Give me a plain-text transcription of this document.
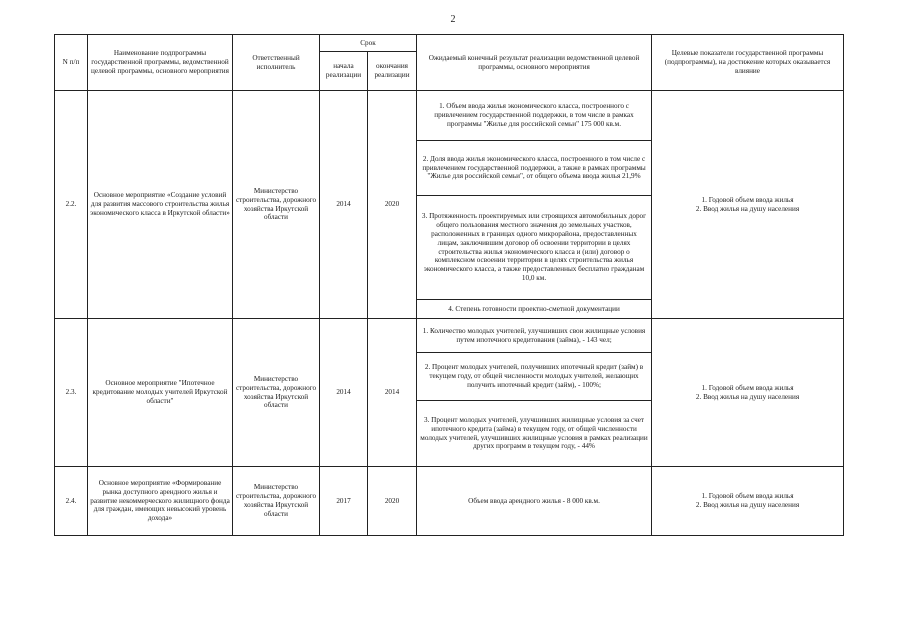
2
N п/п	Наименование подпрограммы государственной программы, ведомственной целевой программы, основного мероприятия	Ответственный исполнитель	Срок		Ожидаемый конечный результат реализации ведомственной целевой программы, основного мероприятия	Целевые показатели государственной программы (подпрограммы), на достижение которых оказывается влияние
			начала реализации	окончания реализации		
2.2.	Основное мероприятие «Создание условий для развития массового строительства жилья экономического класса в Иркутской области»	Министерство строительства, дорожного хозяйства Иркутской области	2014	2020	1. Объем ввода жилья экономического класса, построенного с привлечением государственной поддержки, в том числе в рамках программы "Жилье для российской семьи" 175 000 кв.м.	1. Годовой объем ввода жилья
2. Ввод жилья на душу населения

					2. Доля ввода жилья экономического класса, построенного в том числе с привлечением государственной поддержки, а также в рамках программы "Жилье для российской семьи", от общего объема ввода жилья 21,9%	
					3. Протяженность проектируемых или строящихся автомобильных дорог общего пользования местного значения до земельных участков, расположенных в границах одного микрорайона, предоставленных лицам, заключившим договор об освоении территории в целях строительства жилья экономического класса и (или) договор о комплексном освоении территории в целях строительства жилья экономического класса, а также предоставленных бесплатно гражданам 10,0 км.	
					4. Степень готовности проектно-сметной документации	
2.3.	Основное мероприятие "Ипотечное кредитование молодых учителей Иркутской области"	Министерство строительства, дорожного хозяйства Иркутской области	2014	2014	1. Количество молодых учителей, улучшивших свои жилищные условия путем ипотечного кредитования (займа), - 143 чел;	1. Годовой объем ввода жилья
2. Ввод жилья на душу населения

					2. Процент молодых учителей, получивших ипотечный кредит (займ) в текущем году, от общей численности молодых учителей, желающих получить ипотечный кредит (займ), - 100%;	
					3. Процент молодых учителей, улучшивших жилищные условия за счет ипотечного кредита (займа) в текущем году, от общей численности молодых учителей, улучшивших жилищные условия в рамках реализации других программ в текущем году, - 44%	
2.4.	Основное мероприятие «Формирование рынка доступного арендного жилья и развитие некоммерческого жилищного фонда для граждан, имеющих невысокий уровень дохода»	Министерство строительства, дорожного хозяйства Иркутской области	2017	2020	Объем ввода арендного жилья - 8 000 кв.м.	1. Годовой объем ввода жилья
2. Ввод жилья на душу населения
